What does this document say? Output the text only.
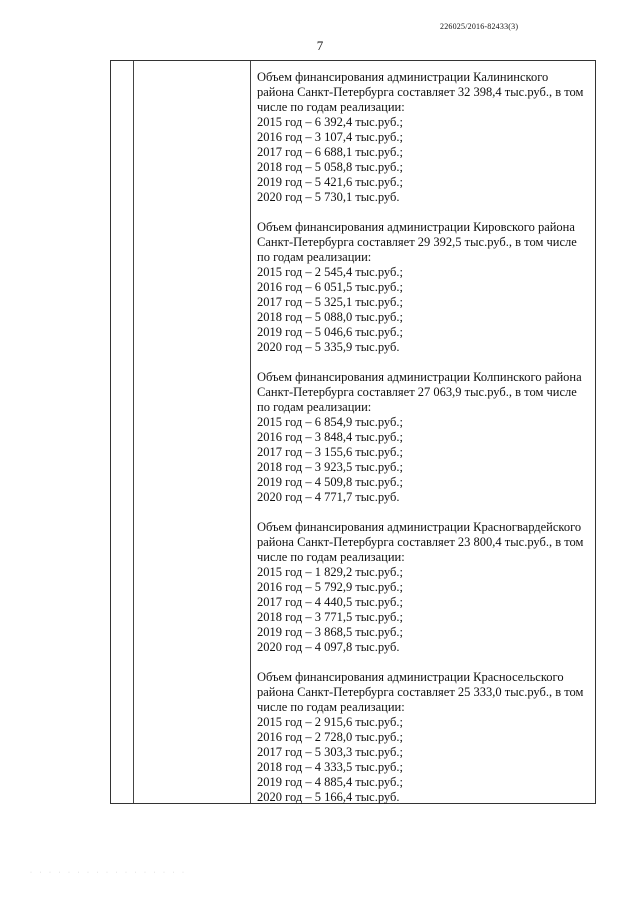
226025/2016-82433(3)
7

Объем финансирования администрации Калининского района Санкт-Петербурга составляет 32 398,4 тыс.руб., в том числе по годам реализации:

2015 год – 6 392,4 тыс.руб.;

2016 год – 3 107,4 тыс.руб.;

2017 год – 6 688,1 тыс.руб.;

2018 год – 5 058,8 тыс.руб.;

2019 год – 5 421,6 тыс.руб.;

2020 год – 5 730,1 тыс.руб.

Объем финансирования администрации Кировского района Санкт-Петербурга составляет 29 392,5 тыс.руб., в том числе по годам реализации:

2015 год – 2 545,4 тыс.руб.;

2016 год – 6 051,5 тыс.руб.;

2017 год – 5 325,1 тыс.руб.;

2018 год – 5 088,0 тыс.руб.;

2019 год – 5 046,6 тыс.руб.;

2020 год – 5 335,9 тыс.руб.

Объем финансирования администрации Колпинского района Санкт-Петербурга составляет 27 063,9 тыс.руб., в том числе по годам реализации:

2015 год – 6 854,9 тыс.руб.;

2016 год – 3 848,4 тыс.руб.;

2017 год – 3 155,6 тыс.руб.;

2018 год – 3 923,5 тыс.руб.;

2019 год – 4 509,8 тыс.руб.;

2020 год – 4 771,7 тыс.руб.

Объем финансирования администрации Красногвардейского района Санкт-Петербурга составляет 23 800,4 тыс.руб., в том числе по годам реализации:

2015 год – 1 829,2 тыс.руб.;

2016 год – 5 792,9 тыс.руб.;

2017 год – 4 440,5 тыс.руб.;

2018 год – 3 771,5 тыс.руб.;

2019 год – 3 868,5 тыс.руб.;

2020 год – 4 097,8 тыс.руб.

Объем финансирования администрации Красносельского района Санкт-Петербурга составляет 25 333,0 тыс.руб., в том числе по годам реализации:

2015 год – 2 915,6 тыс.руб.;

2016 год – 2 728,0 тыс.руб.;

2017 год – 5 303,3 тыс.руб.;

2018 год – 4 333,5 тыс.руб.;

2019 год – 4 885,4 тыс.руб.;

2020 год – 5 166,4 тыс.руб.

· · · · · · · · · · · · · · · · ·
